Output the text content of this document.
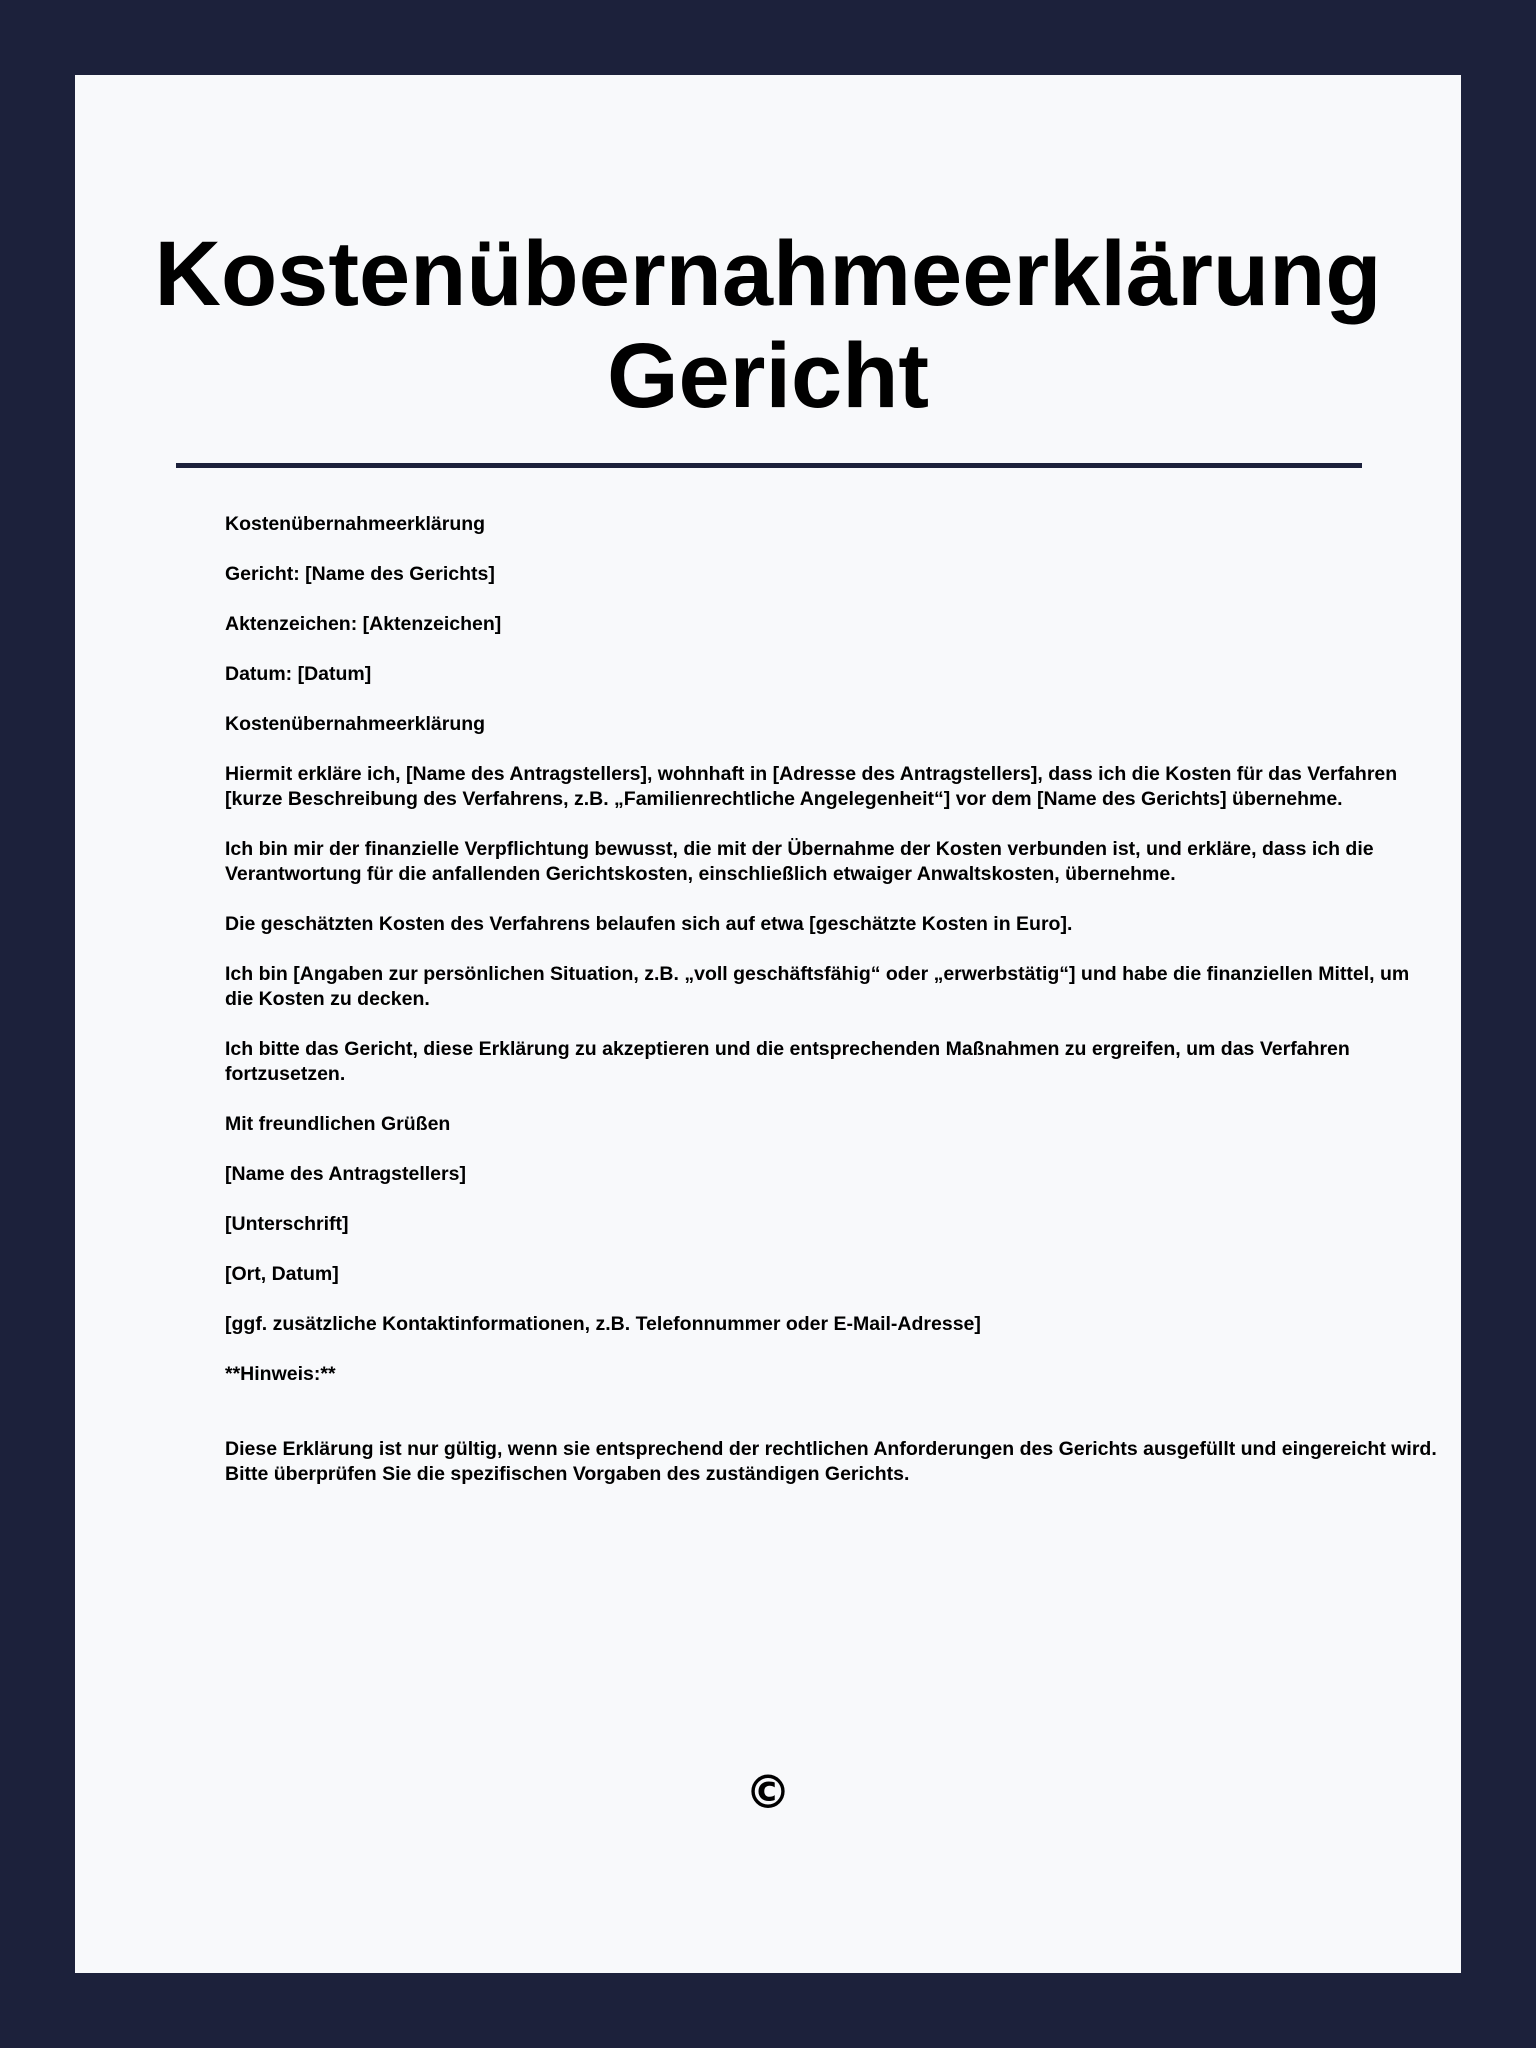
Kostenübernahmeerklärung
Gericht

Kostenübernahmeerklärung

Gericht: [Name des Gerichts]

Aktenzeichen: [Aktenzeichen]

Datum: [Datum]

Kostenübernahmeerklärung

Hiermit erkläre ich, [Name des Antragstellers], wohnhaft in [Adresse des Antragstellers], dass ich die Kosten für das Verfahren [kurze Beschreibung des Verfahrens, z.B. „Familienrechtliche Angelegenheit“] vor dem [Name des Gerichts] übernehme.

Ich bin mir der finanzielle Verpflichtung bewusst, die mit der Übernahme der Kosten verbunden ist, und erkläre, dass ich die Verantwortung für die anfallenden Gerichtskosten, einschließlich etwaiger Anwaltskosten, übernehme.

Die geschätzten Kosten des Verfahrens belaufen sich auf etwa [geschätzte Kosten in Euro].

Ich bin [Angaben zur persönlichen Situation, z.B. „voll geschäftsfähig“ oder „erwerbstätig“] und habe die finanziellen Mittel, um die Kosten zu decken.

Ich bitte das Gericht, diese Erklärung zu akzeptieren und die entsprechenden Maßnahmen zu ergreifen, um das Verfahren fortzusetzen.

Mit freundlichen Grüßen

[Name des Antragstellers]

[Unterschrift]

[Ort, Datum]

[ggf. zusätzliche Kontaktinformationen, z.B. Telefonnummer oder E-Mail-Adresse]

**Hinweis:**

Diese Erklärung ist nur gültig, wenn sie entsprechend der rechtlichen Anforderungen des Gerichts ausgefüllt und eingereicht wird. Bitte überprüfen Sie die spezifischen Vorgaben des zuständigen Gerichts.

©
